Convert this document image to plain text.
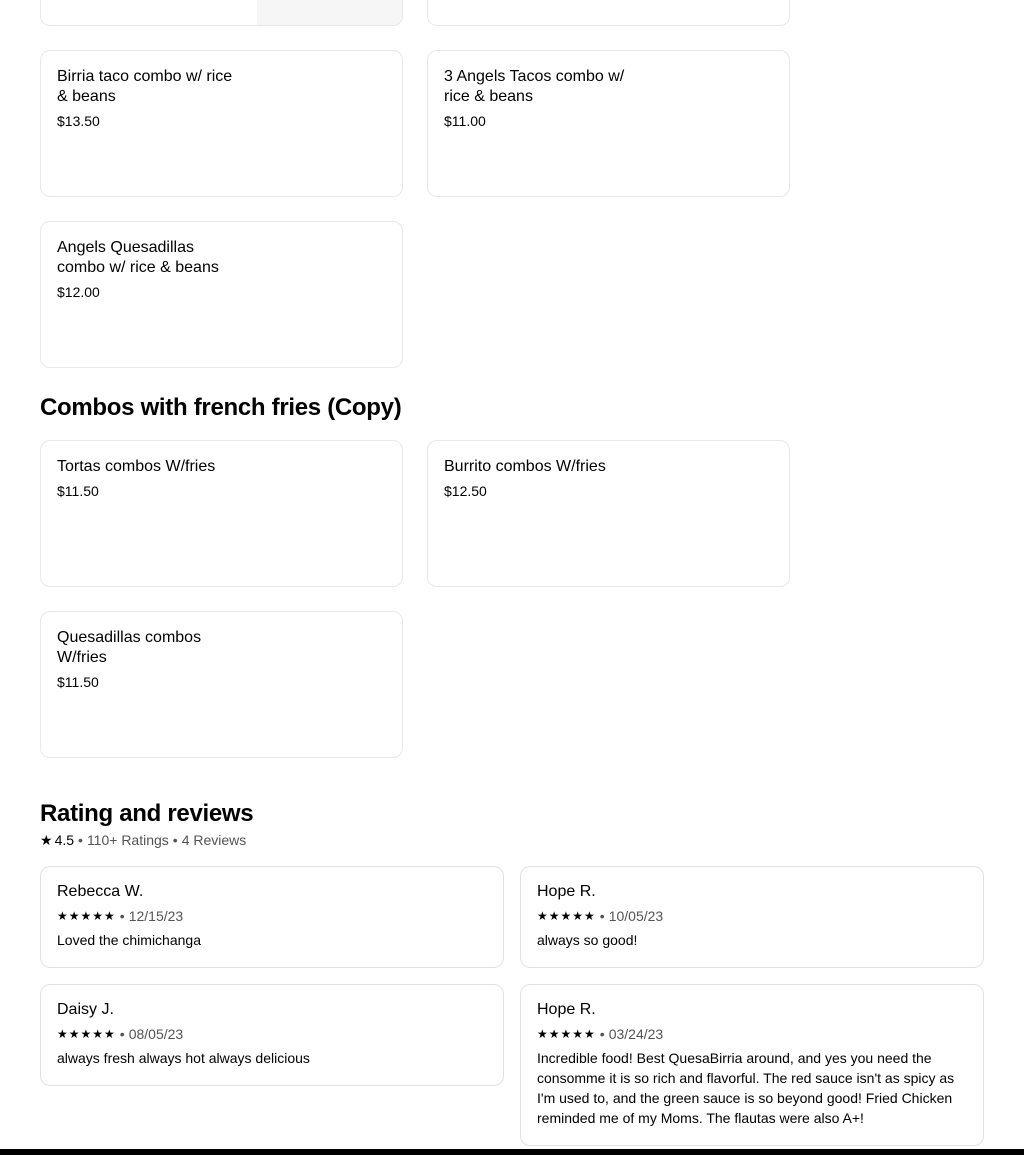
Birria taco combo w/ rice & beans
$13.50
3 Angels Tacos combo w/ rice & beans
$11.00
Angels Quesadillas combo w/ rice & beans
$12.00
Combos with french fries (Copy)
Tortas combos W/fries
$11.50
Burrito combos W/fries
$12.50
Quesadillas combos W/fries
$11.50
Rating and reviews
★ 4.5 • 110+ Ratings • 4 Reviews
Rebecca W.
★★★★★ • 12/15/23
Loved the chimichanga
Hope R.
★★★★★ • 10/05/23
always so good!
Daisy J.
★★★★★ • 08/05/23
always fresh always hot always delicious
Hope R.
★★★★★ • 03/24/23
Incredible food! Best QuesaBirria around, and yes you need the consomme it is so rich and flavorful. The red sauce isn't as spicy as I'm used to, and the green sauce is so beyond good! Fried Chicken reminded me of my Moms. The flautas were also A+!
